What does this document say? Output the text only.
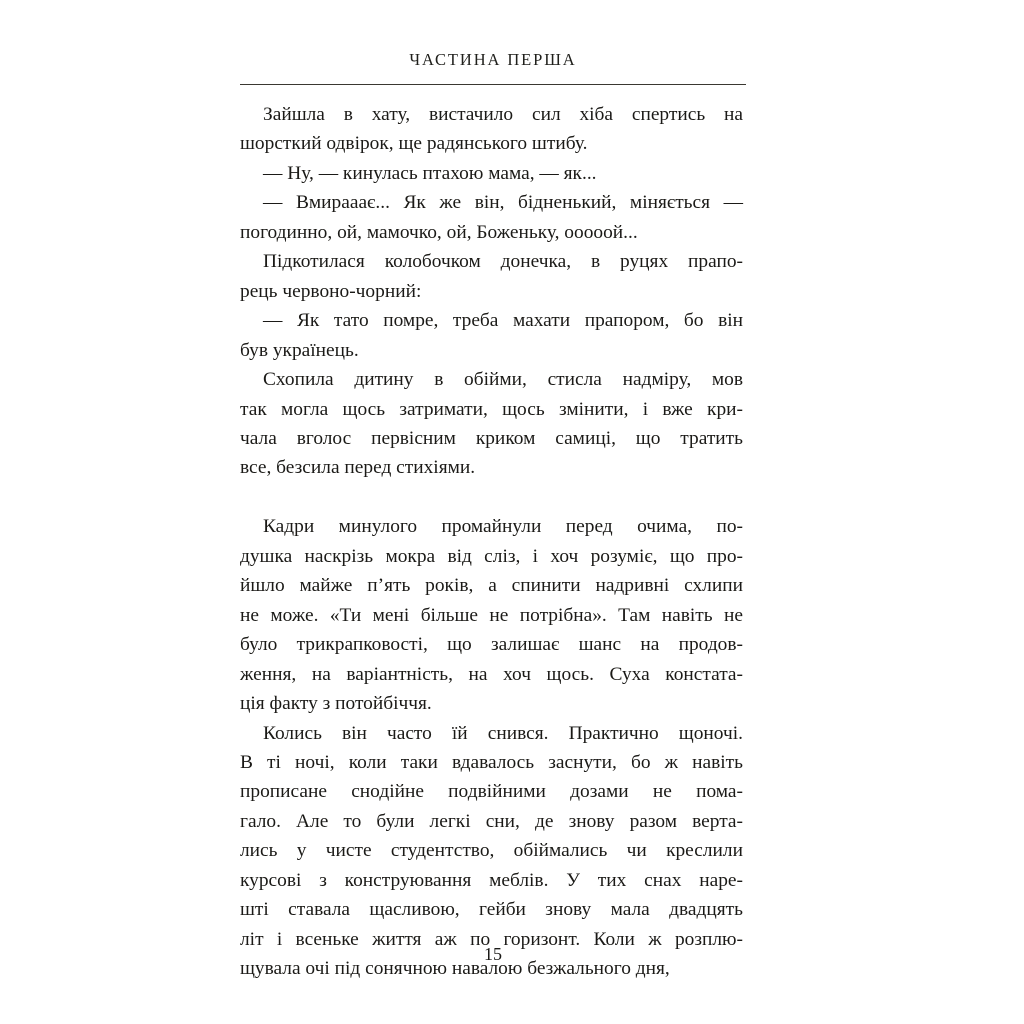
ЧАСТИНА ПЕРША

Зайшла в хату, вистачило сил хіба спертись на
шорсткий одвірок, ще радянського штибу.

— Ну, — кинулась птахою мама, — як...

— Вмирааає... Як же він, бідненький, міняється —
погодинно, ой, мамочко, ой, Боженьку, ооооой...

Підкотилася колобочком донечка, в руцях прапо-
рець червоно-чорний:

— Як тато помре, треба махати прапором, бо він
був українець.

Схопила дитину в обійми, стисла надміру, мов
так могла щось затримати, щось змінити, і вже кри-
чала вголос первісним криком самиці, що тратить
все, безсила перед стихіями.

Кадри минулого промайнули перед очима, по-
душка наскрізь мокра від сліз, і хоч розуміє, що про-
йшло майже п’ять років, а спинити надривні схлипи
не може. «Ти мені більше не потрібна». Там навіть не
було трикрапковості, що залишає шанс на продов-
ження, на варіантність, на хоч щось. Суха констата-
ція факту з потойбіччя.

Колись він часто їй снився. Практично щоночі.
В ті ночі, коли таки вдавалось заснути, бо ж навіть
прописане снодійне подвійними дозами не пома-
гало. Але то були легкі сни, де знову разом верта-
лись у чисте студентство, обіймались чи креслили
курсові з конструювання меблів. У тих снах наре-
шті ставала щасливою, гейби знову мала двадцять
літ і всеньке життя аж по горизонт. Коли ж розплю-
щувала очі під сонячною навалою безжального дня,

15
